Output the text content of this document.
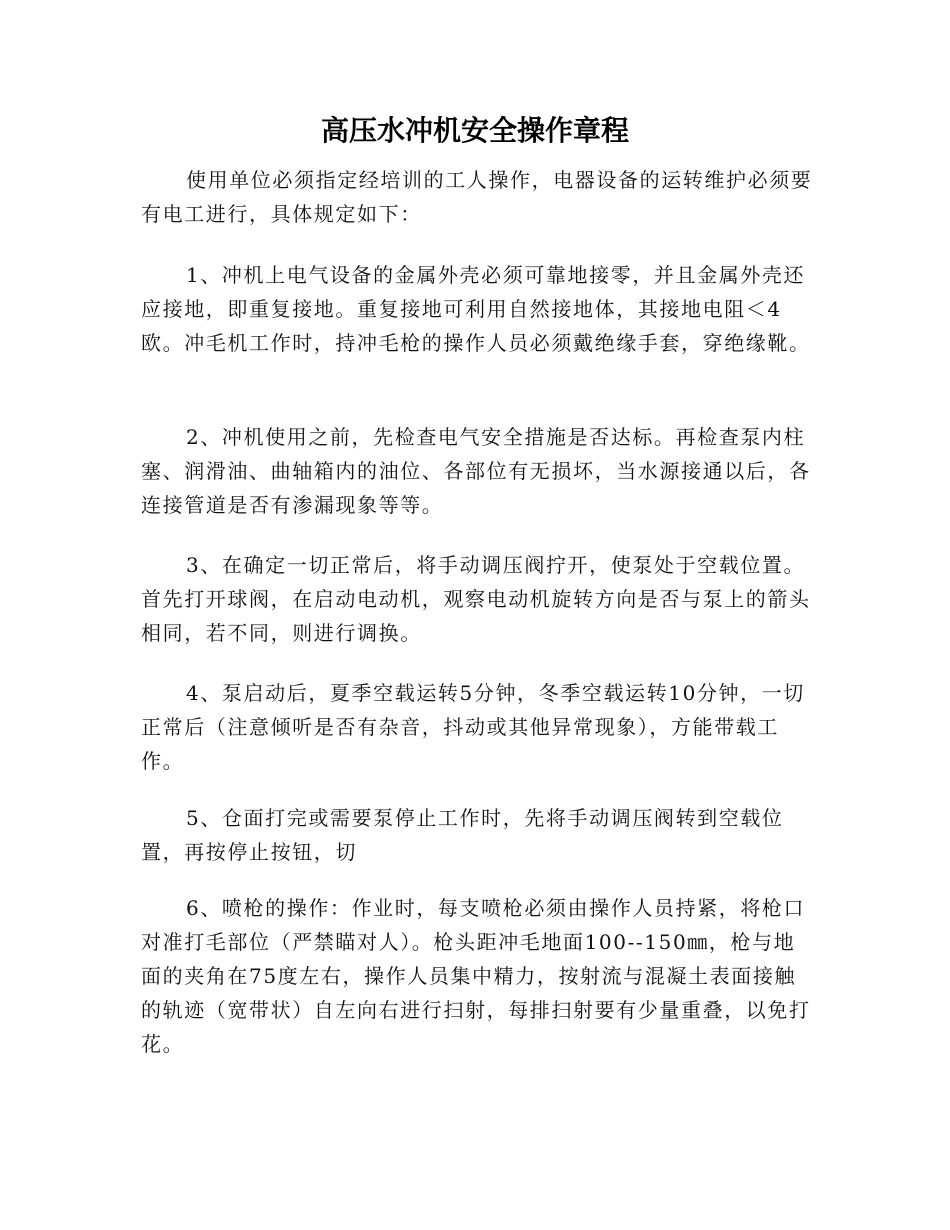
高压水冲机安全操作章程

使用单位必须指定经培训的工人操作，电器设备的运转维护必须要有电工进行，具体规定如下：

1、冲机上电气设备的金属外壳必须可靠地接零，并且金属外壳还应接地，即重复接地。重复接地可利用自然接地体，其接地电阻＜4欧。冲毛机工作时，持冲毛枪的操作人员必须戴绝缘手套，穿绝缘靴。

2、冲机使用之前，先检查电气安全措施是否达标。再检查泵内柱塞、润滑油、曲轴箱内的油位、各部位有无损坏，当水源接通以后，各连接管道是否有渗漏现象等等。

3、在确定一切正常后，将手动调压阀拧开，使泵处于空载位置。首先打开球阀，在启动电动机，观察电动机旋转方向是否与泵上的箭头相同，若不同，则进行调换。

4、泵启动后，夏季空载运转5分钟，冬季空载运转10分钟，一切正常后（注意倾听是否有杂音，抖动或其他异常现象），方能带载工作。

5、仓面打完或需要泵停止工作时，先将手动调压阀转到空载位置，再按停止按钮，切

6、喷枪的操作：作业时，每支喷枪必须由操作人员持紧，将枪口对准打毛部位（严禁瞄对人）。枪头距冲毛地面100--150㎜，枪与地面的夹角在75度左右，操作人员集中精力，按射流与混凝土表面接触的轨迹（宽带状）自左向右进行扫射，每排扫射要有少量重叠，以免打花。
